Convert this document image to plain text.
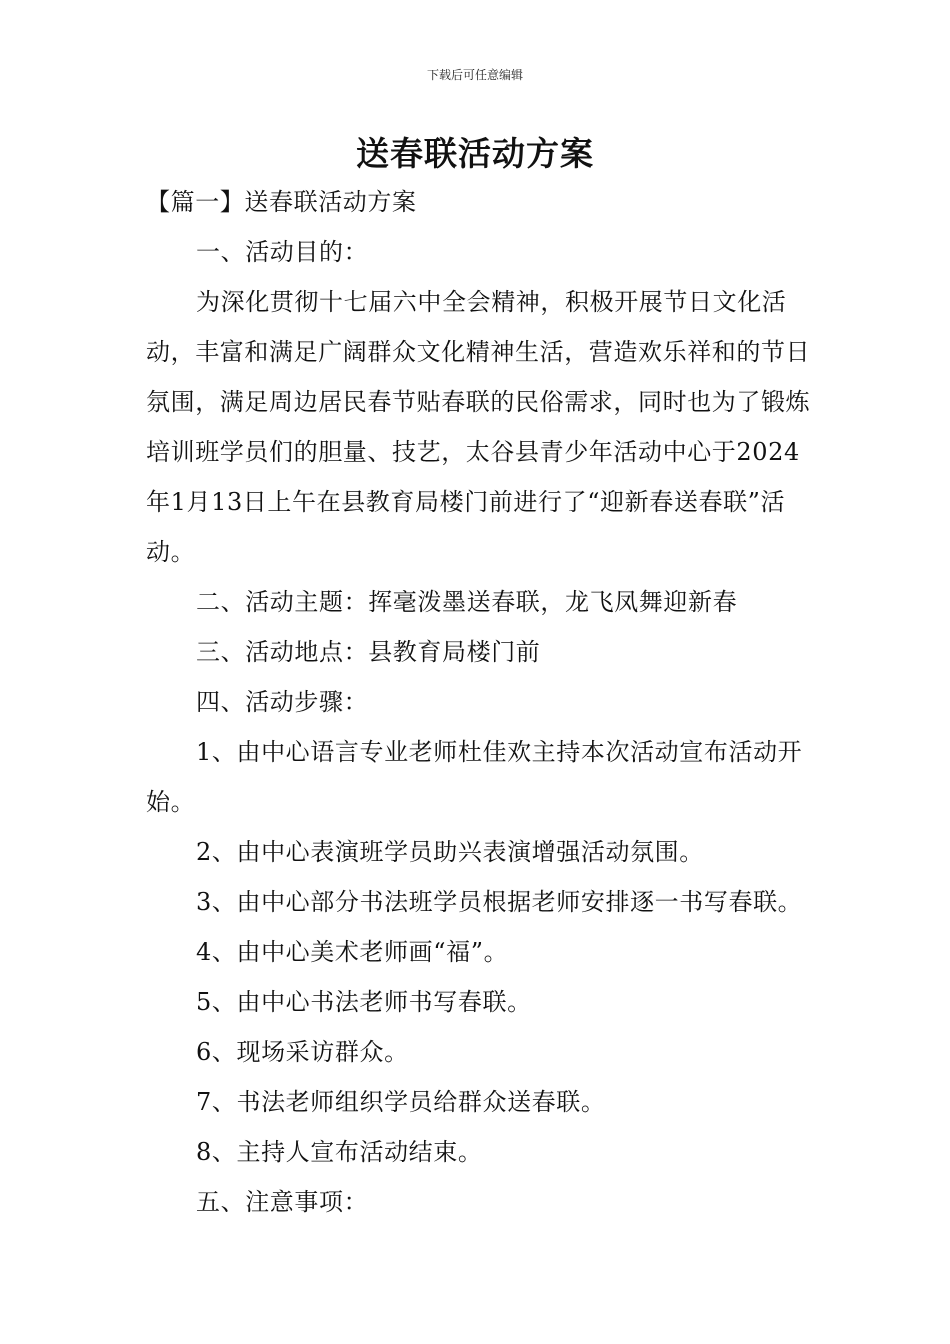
下载后可任意编辑
送春联活动方案

【篇一】送春联活动方案

一、活动目的：

为深化贯彻十七届六中全会精神，积极开展节日文化活动，丰富和满足广阔群众文化精神生活，营造欢乐祥和的节日氛围，满足周边居民春节贴春联的民俗需求，同时也为了锻炼培训班学员们的胆量、技艺，太谷县青少年活动中心于2024年1月13日上午在县教育局楼门前进行了“迎新春送春联”活动。

二、活动主题：挥毫泼墨送春联，龙飞凤舞迎新春

三、活动地点：县教育局楼门前

四、活动步骤：

1、由中心语言专业老师杜佳欢主持本次活动宣布活动开始。

2、由中心表演班学员助兴表演增强活动氛围。

3、由中心部分书法班学员根据老师安排逐一书写春联。

4、由中心美术老师画“福”。

5、由中心书法老师书写春联。

6、现场采访群众。

7、书法老师组织学员给群众送春联。

8、主持人宣布活动结束。

五、注意事项：
